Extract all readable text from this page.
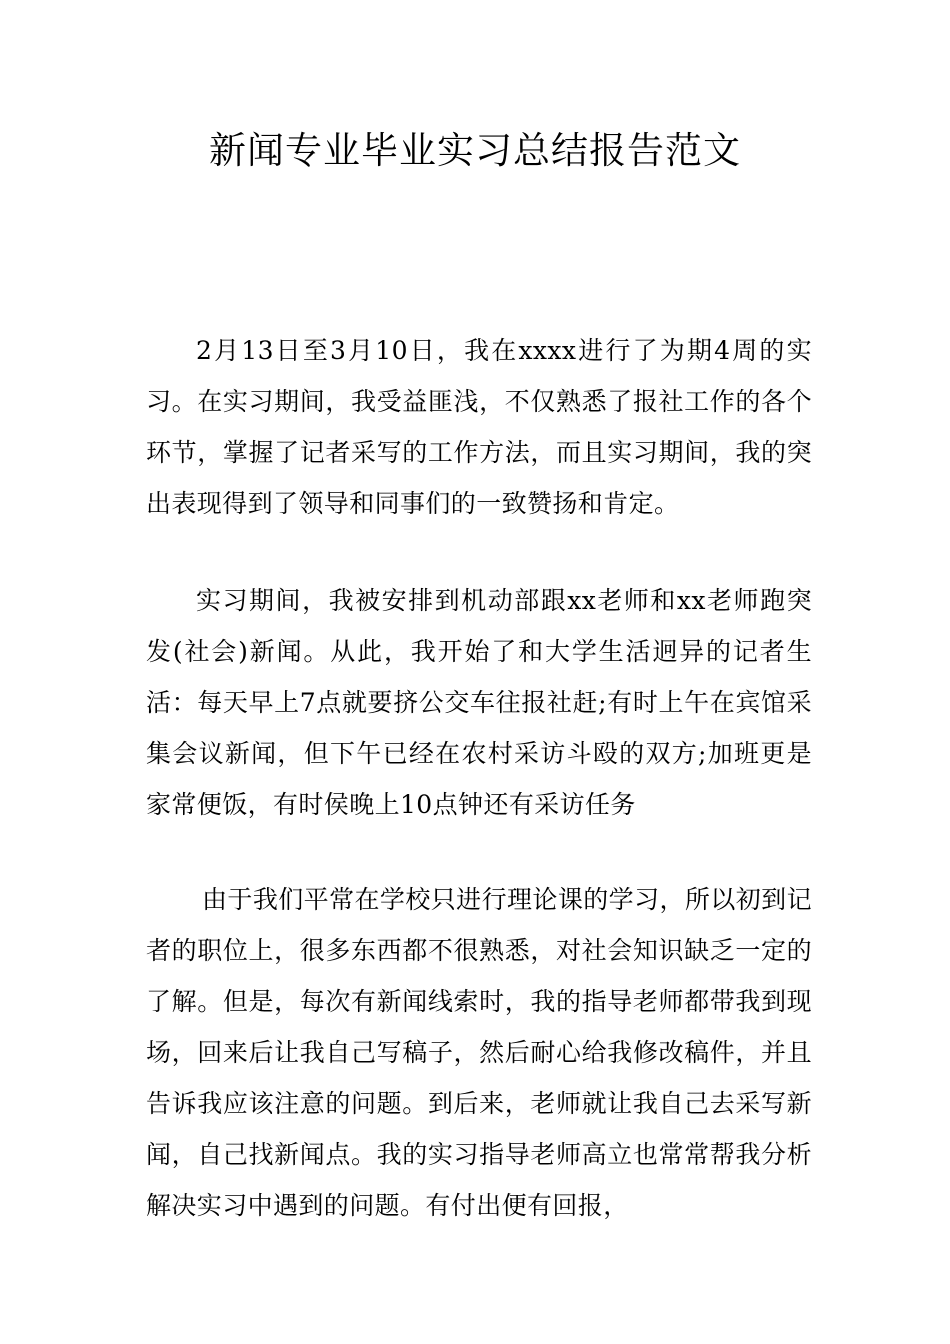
新闻专业毕业实习总结报告范文

2月13日至3月10日，我在xxxx进行了为期4周的实习。在实习期间，我受益匪浅，不仅熟悉了报社工作的各个环节，掌握了记者采写的工作方法，而且实习期间，我的突出表现得到了领导和同事们的一致赞扬和肯定。

实习期间，我被安排到机动部跟xx老师和xx老师跑突发(社会)新闻。从此，我开始了和大学生活迥异的记者生活：每天早上7点就要挤公交车往报社赶;有时上午在宾馆采集会议新闻，但下午已经在农村采访斗殴的双方;加班更是家常便饭，有时侯晚上10点钟还有采访任务

由于我们平常在学校只进行理论课的学习，所以初到记者的职位上，很多东西都不很熟悉，对社会知识缺乏一定的了解。但是，每次有新闻线索时，我的指导老师都带我到现场，回来后让我自己写稿子，然后耐心给我修改稿件，并且告诉我应该注意的问题。到后来，老师就让我自己去采写新闻，自己找新闻点。我的实习指导老师高立也常常帮我分析解决实习中遇到的问题。有付出便有回报，
